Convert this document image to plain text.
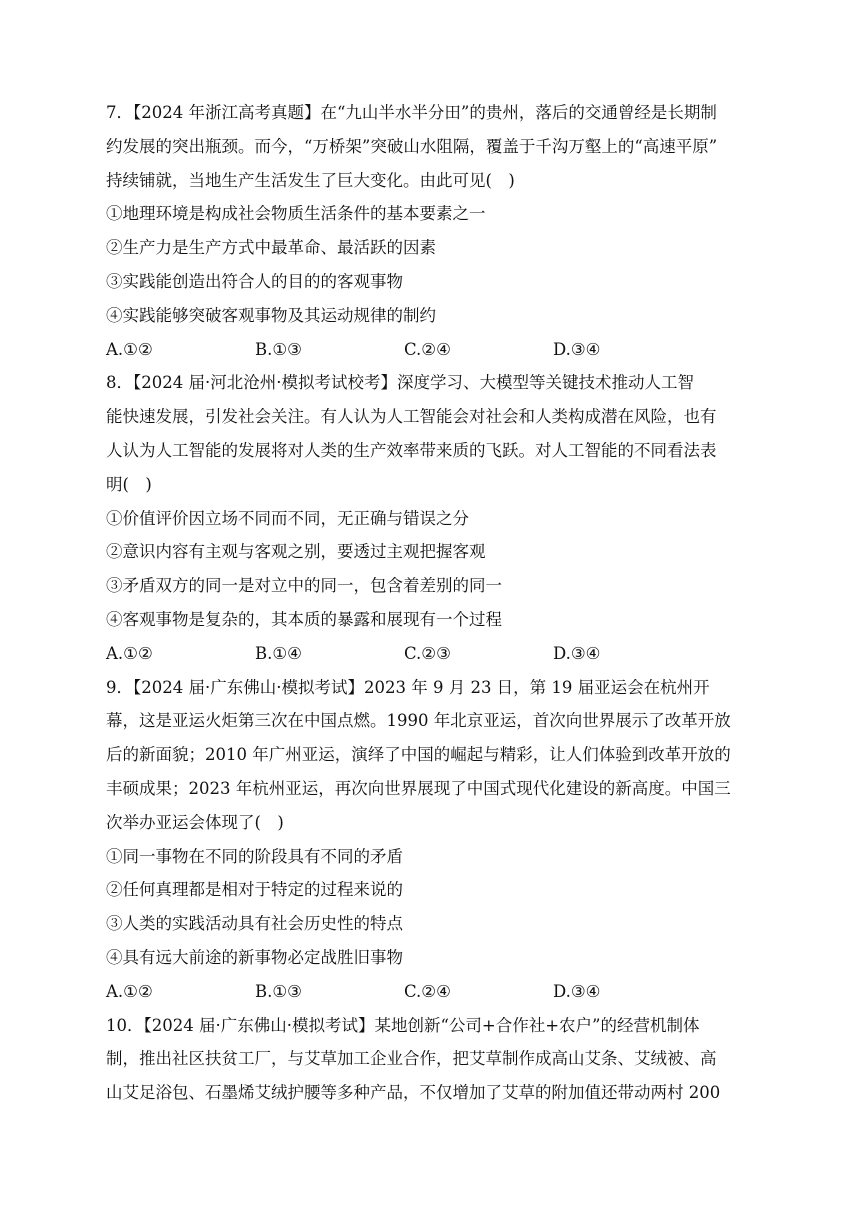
7．【2024 年浙江高考真题】在“九山半水半分田”的贵州，落后的交通曾经是长期制
约发展的突出瓶颈。而今，“万桥架”突破山水阻隔，覆盖于千沟万壑上的“高速平原”
持续铺就，当地生产生活发生了巨大变化。由此可见(　)
①地理环境是构成社会物质生活条件的基本要素之一
②生产力是生产方式中最革命、最活跃的因素
③实践能创造出符合人的目的的客观事物
④实践能够突破客观事物及其运动规律的制约
A.①②	B.①③	C.②④	D.③④
8．【2024 届·河北沧州·模拟考试校考】深度学习、大模型等关键技术推动人工智
能快速发展，引发社会关注。有人认为人工智能会对社会和人类构成潜在风险，也有
人认为人工智能的发展将对人类的生产效率带来质的飞跃。对人工智能的不同看法表
明(　)
①价值评价因立场不同而不同，无正确与错误之分
②意识内容有主观与客观之别，要透过主观把握客观
③矛盾双方的同一是对立中的同一，包含着差别的同一
④客观事物是复杂的，其本质的暴露和展现有一个过程
A.①②	B.①④	C.②③	D.③④
9．【2024 届·广东佛山·模拟考试】2023 年 9 月 23 日，第 19 届亚运会在杭州开
幕，这是亚运火炬第三次在中国点燃。1990 年北京亚运，首次向世界展示了改革开放
后的新面貌；2010 年广州亚运，演绎了中国的崛起与精彩，让人们体验到改革开放的
丰硕成果；2023 年杭州亚运，再次向世界展现了中国式现代化建设的新高度。中国三
次举办亚运会体现了(　)
①同一事物在不同的阶段具有不同的矛盾
②任何真理都是相对于特定的过程来说的
③人类的实践活动具有社会历史性的特点
④具有远大前途的新事物必定战胜旧事物
A.①②	B.①③	C.②④	D.③④
10．【2024 届·广东佛山·模拟考试】某地创新“公司+合作社+农户”的经营机制体
制，推出社区扶贫工厂，与艾草加工企业合作，把艾草制作成高山艾条、艾绒被、高
山艾足浴包、石墨烯艾绒护腰等多种产品，不仅增加了艾草的附加值还带动两村 200
